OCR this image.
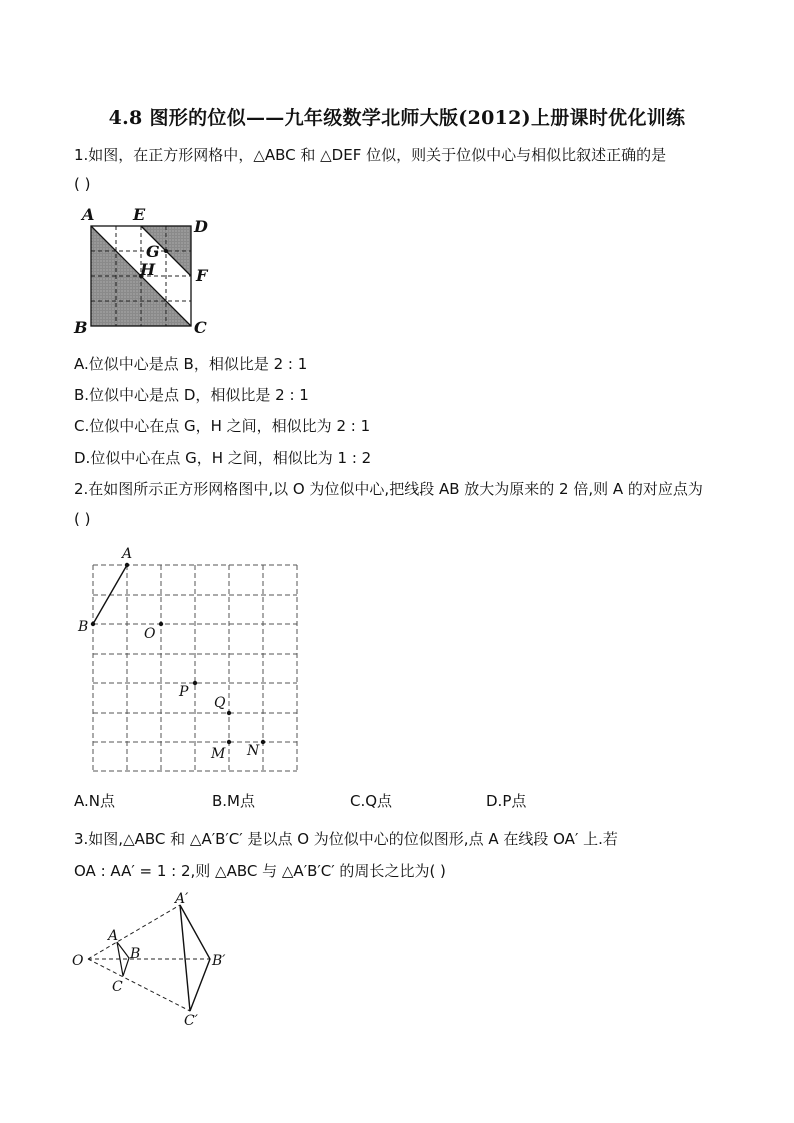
4.8 图形的位似——九年级数学北师大版(2012)上册课时优化训练
1.如图，在正方形网格中，△ABC 和 △DEF 位似，则关于位似中心与相似比叙述正确的是
( )
A E
D
G
H	F
B	C
A.位似中心是点 B，相似比是 2 : 1
B.位似中心是点 D，相似比是 2 : 1
C.位似中心在点 G，H 之间，相似比为 2 : 1
D.位似中心在点 G，H 之间，相似比为 1 : 2
2.在如图所示正方形网格图中,以 O 为位似中心,把线段 AB 放大为原来的 2 倍,则 A 的对应点为
( )
A
B	O
P
Q
M N
A.N点	B.M点	C.Q点	D.P点
3.如图,△ABC 和 △A′B′C′ 是以点 O 为位似中心的位似图形,点 A 在线段 OA′ 上.若
OA : AA′ = 1 : 2,则 △ABC 与 △A′B′C′ 的周长之比为( )
O
A
B
C
A′
B′
C′
